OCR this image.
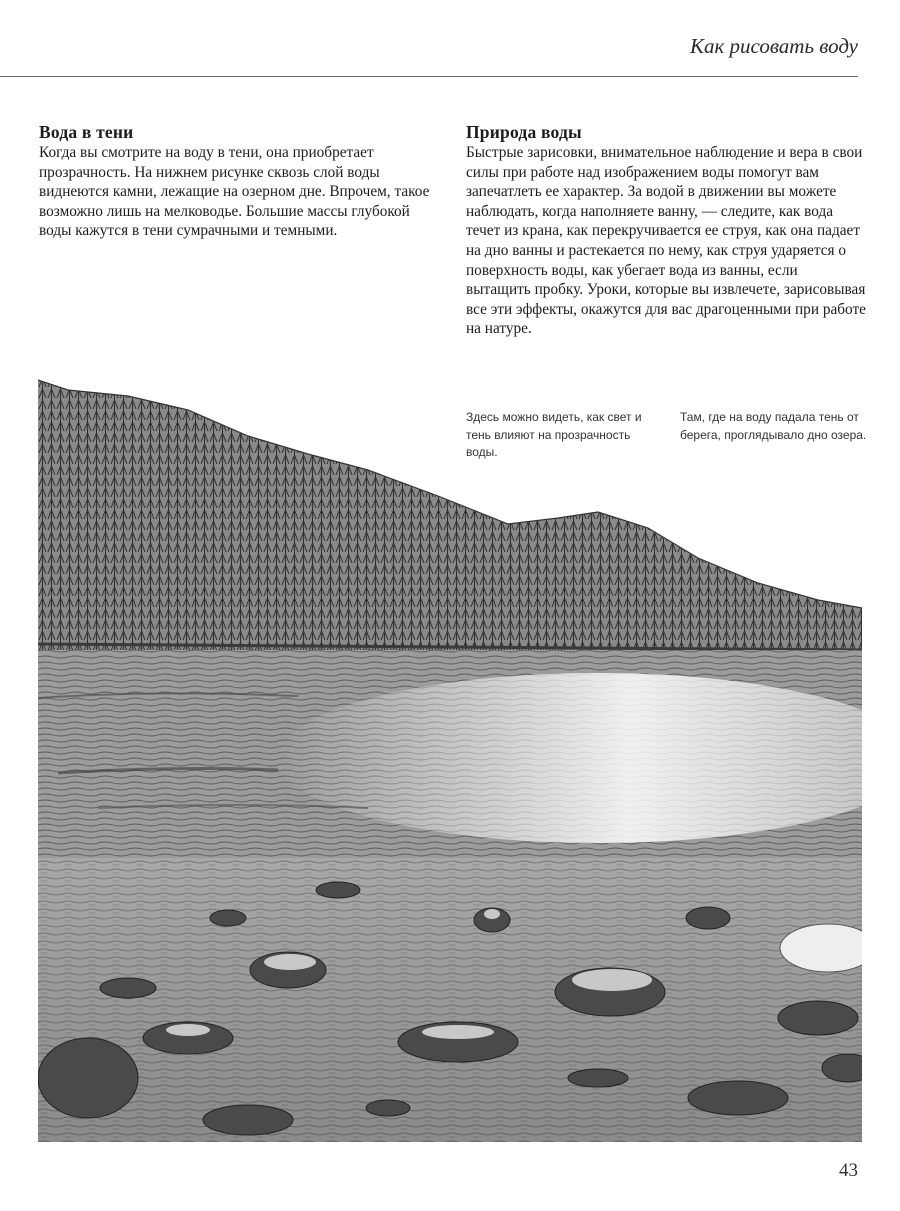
Как рисовать воду
Вода в тени

Когда вы смотрите на воду в тени, она приобретает прозрачность. На нижнем рисунке сквозь слой воды виднеются камни, лежащие на озерном дне. Впрочем, такое возможно лишь на мелководье. Большие массы глубокой воды кажутся в тени сумрачными и темными.

Природа воды

Быстрые зарисовки, внимательное наблюдение и вера в свои силы при работе над изображением воды помогут вам запечатлеть ее характер. За водой в движении вы можете наблюдать, когда наполняете ванну, — следите, как вода течет из крана, как перекручивается ее струя, как она падает на дно ванны и растекается по нему, как струя ударяется о поверхность воды, как убегает вода из ванны, если вытащить пробку. Уроки, которые вы извлечете, зарисовывая все эти эффекты, окажутся для вас драгоценными при работе на натуре.

Здесь можно видеть, как свет и тень влияют на прозрачность воды.
Там, где на воду падала тень от берега, проглядывало дно озера.
43
